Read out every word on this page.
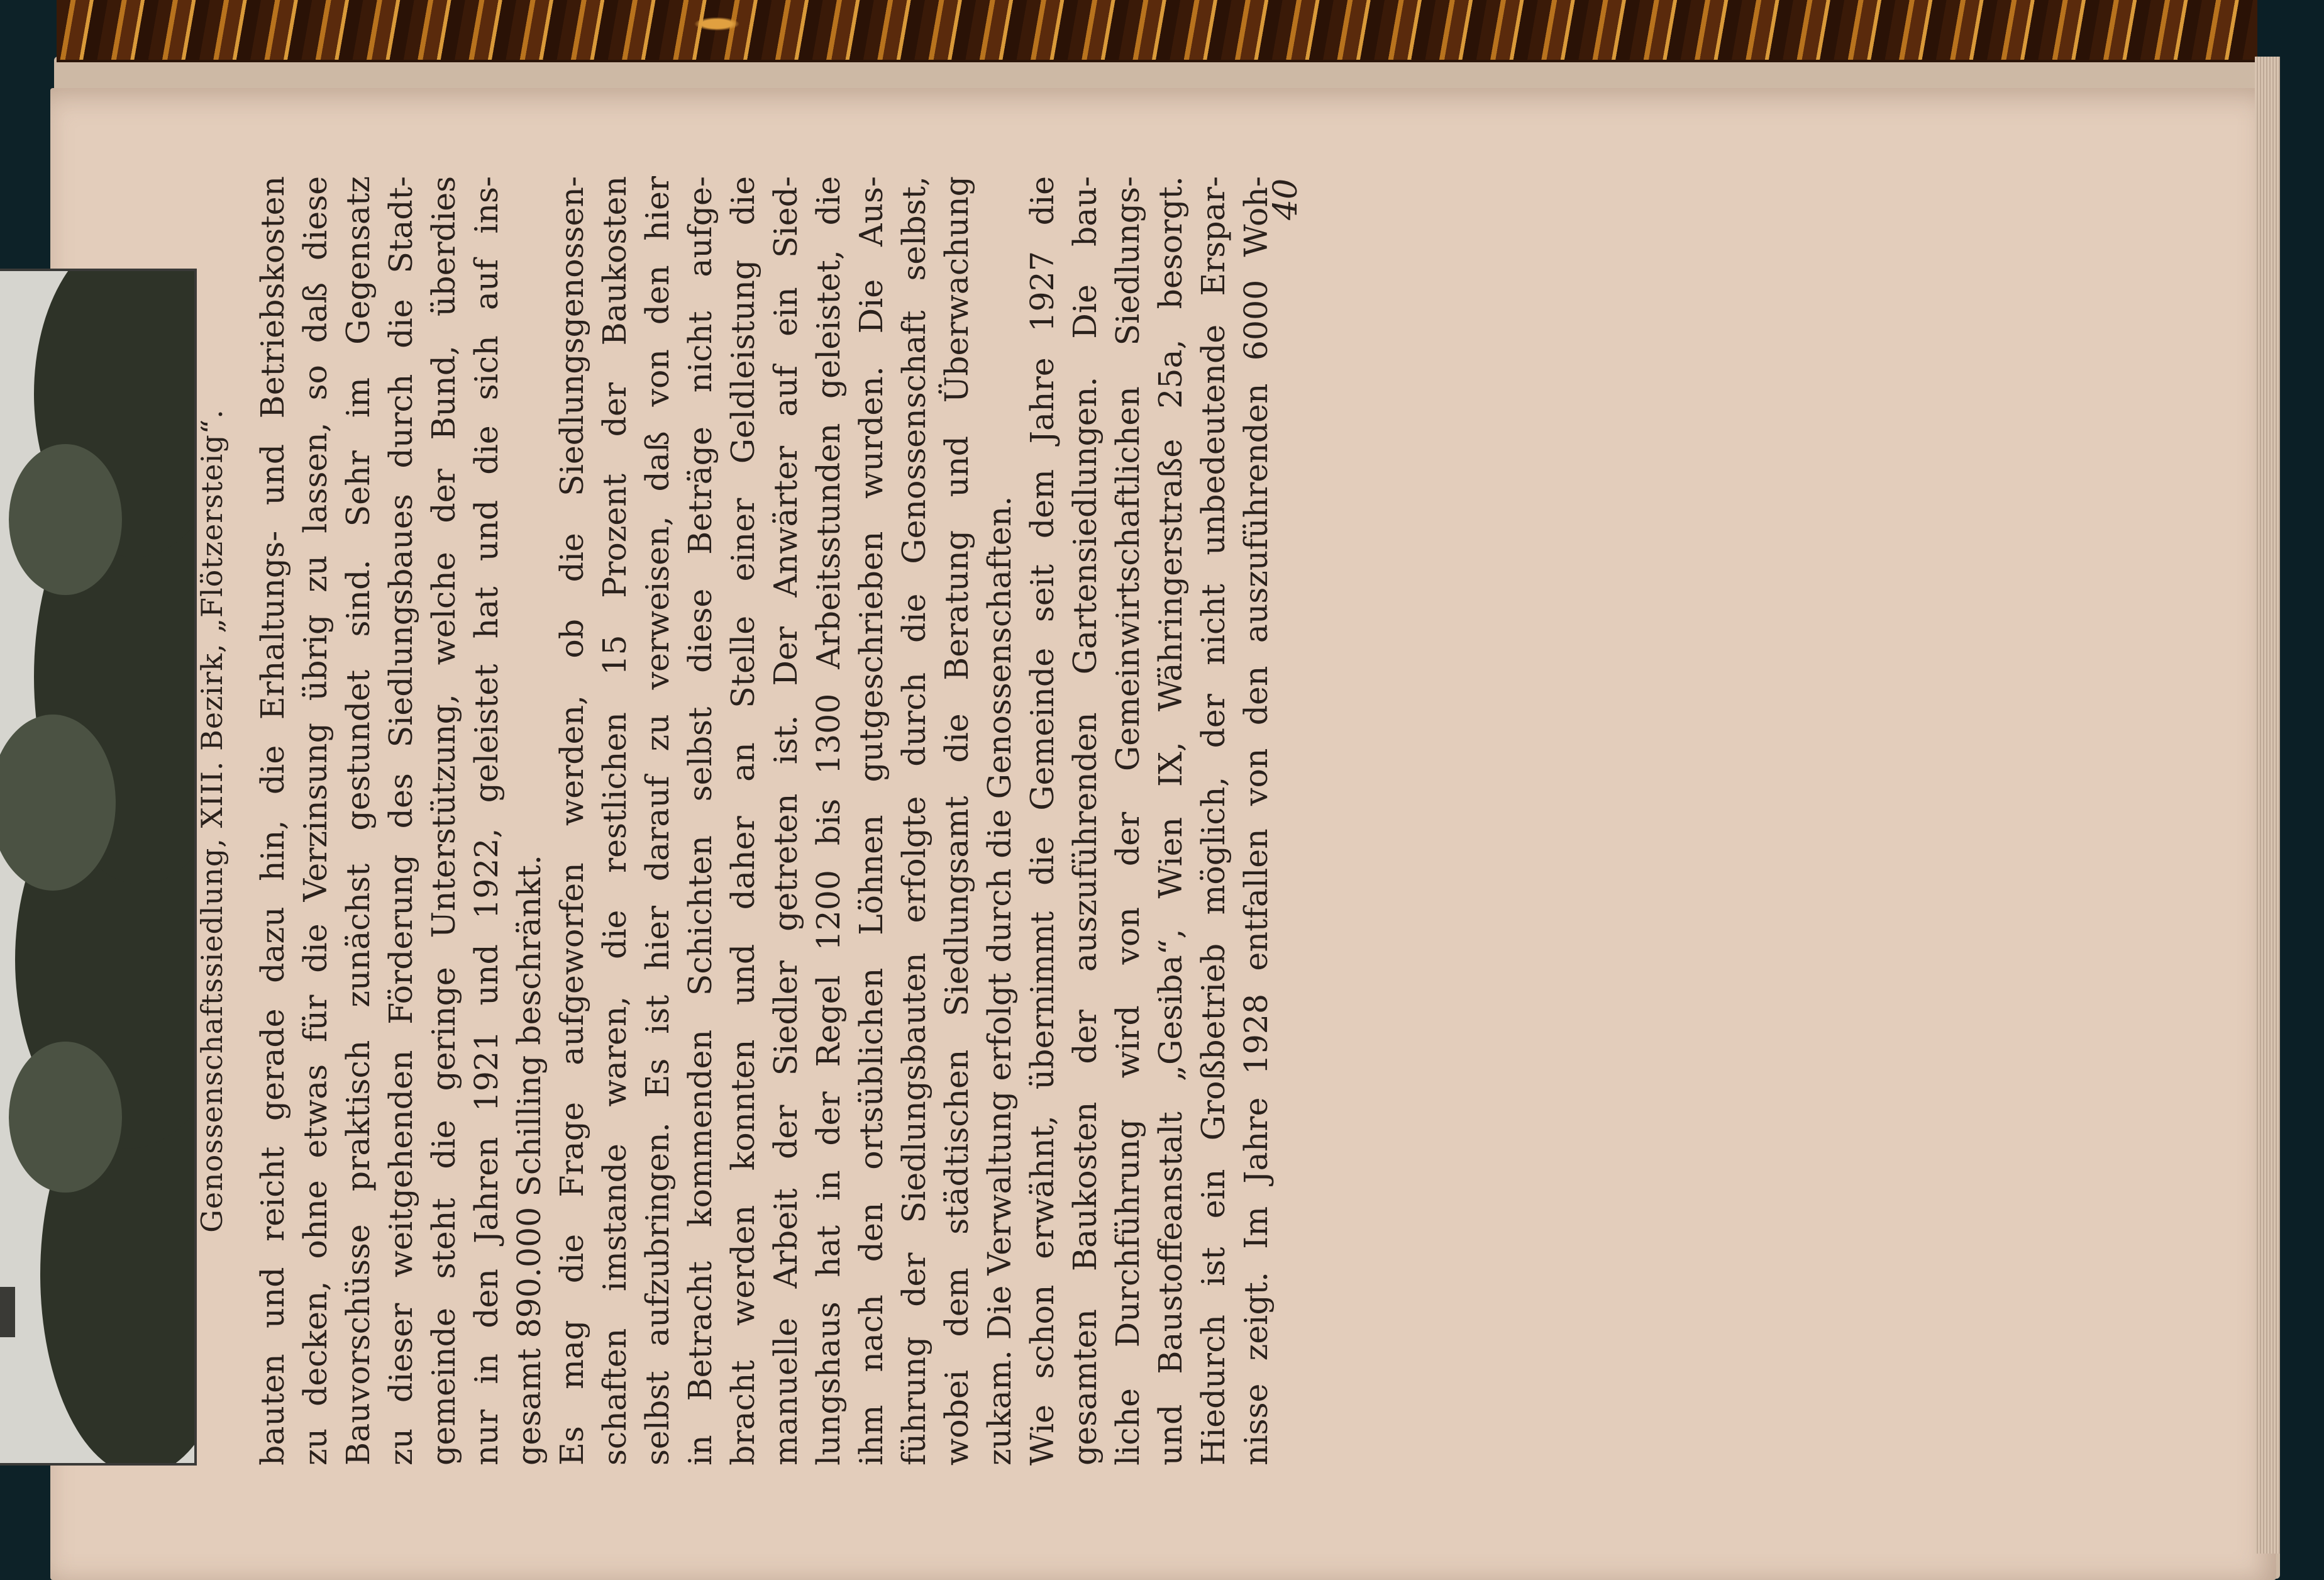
Genossenschaftssiedlung, XIII. Bezirk, „Flötzersteig“. bauten und reicht gerade dazu hin, die Erhaltungs- und Betriebskosten zu decken, ohne etwas für die Verzinsung übrig zu lassen, so daß diese Bauvorschüsse praktisch zunächst gestundet sind. Sehr im Gegensatz zu dieser weitgehenden Förderung des Siedlungsbaues durch die Stadt- gemeinde steht die geringe Unterstützung, welche der Bund, überdies nur in den Jahren 1921 und 1922, geleistet hat und die sich auf ins- gesamt 890.000 Schilling beschränkt. Es mag die Frage aufgeworfen werden, ob die Siedlungsgenossen- schaften imstande waren, die restlichen 15 Prozent der Baukosten selbst aufzubringen. Es ist hier darauf zu verweisen, daß von den hier in Betracht kommenden Schichten selbst diese Beträge nicht aufge- bracht werden konnten und daher an Stelle einer Geldleistung die manuelle Arbeit der Siedler getreten ist. Der Anwärter auf ein Sied- lungshaus hat in der Regel 1200 bis 1300 Arbeitsstunden geleistet, die ihm nach den ortsüblichen Löhnen gutgeschrieben wurden. Die Aus- führung der Siedlungsbauten erfolgte durch die Genossenschaft selbst, wobei dem städtischen Siedlungsamt die Beratung und Überwachung zukam. Die Verwaltung erfolgt durch die Genossenschaften. Wie schon erwähnt, übernimmt die Gemeinde seit dem Jahre 1927 die gesamten Baukosten der auszuführenden Gartensiedlungen. Die bau- liche Durchführung wird von der Gemeinwirtschaftlichen Siedlungs- und Baustoffeanstalt „Gesiba“, Wien IX, Währingerstraße 25a, besorgt. Hiedurch ist ein Großbetrieb möglich, der nicht unbedeutende Erspar- nisse zeigt. Im Jahre 1928 entfallen von den auszuführenden 6000 Woh-
40
